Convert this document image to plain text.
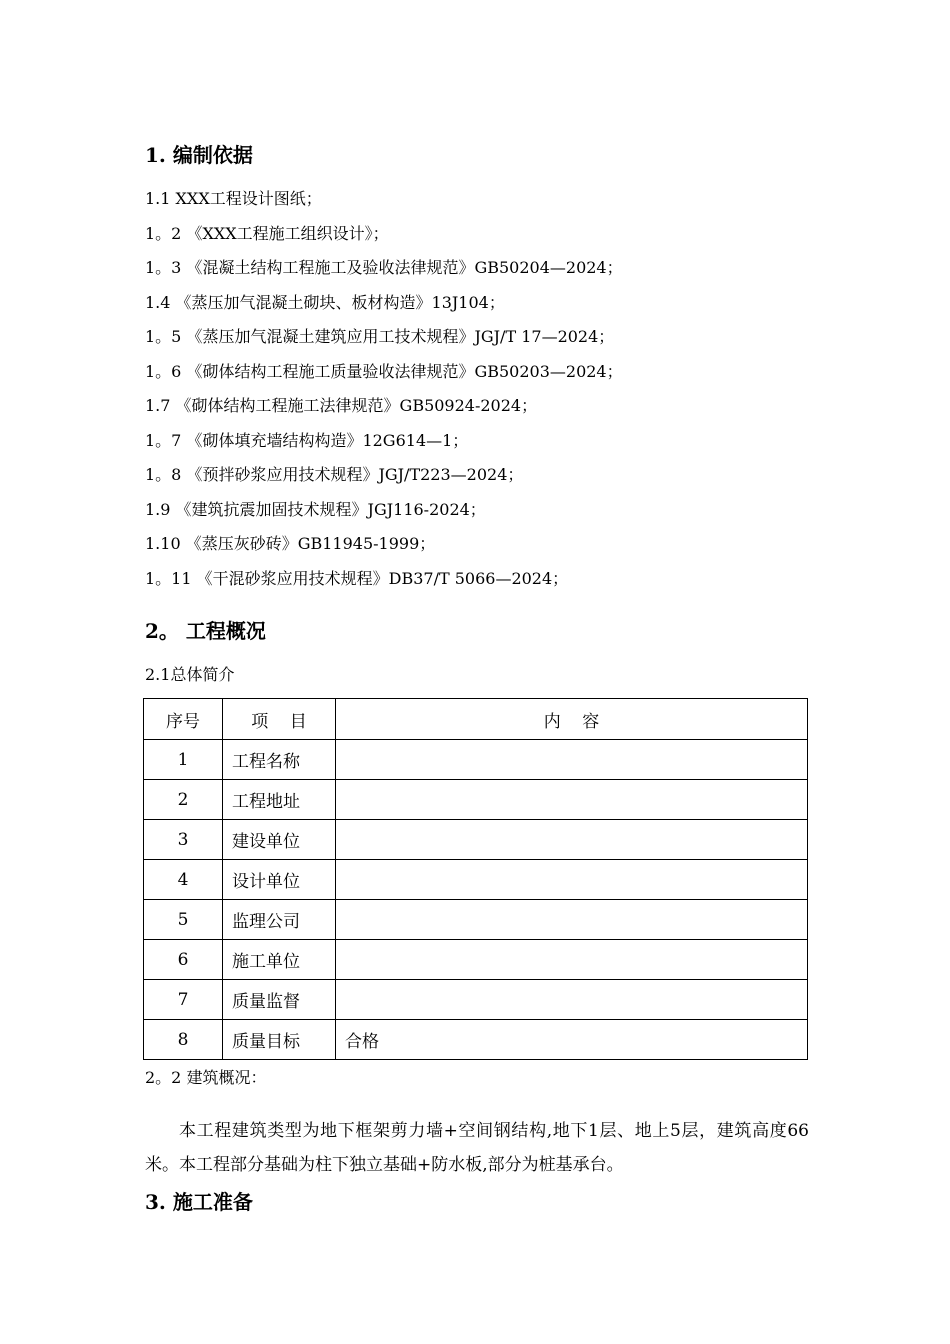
1. 编制依据
1.1 XXX工程设计图纸；
1。2 《XXX工程施工组织设计》；
1。3 《混凝土结构工程施工及验收法律规范》GB50204—2024；
1.4 《蒸压加气混凝土砌块、板材构造》13J104；
1。5 《蒸压加气混凝土建筑应用工技术规程》JGJ/T 17—2024；
1。6 《砌体结构工程施工质量验收法律规范》GB50203—2024；
1.7 《砌体结构工程施工法律规范》GB50924-2024；
1。7 《砌体填充墙结构构造》12G614—1；
1。8 《预拌砂浆应用技术规程》JGJ/T223—2024；
1.9 《建筑抗震加固技术规程》JGJ116-2024；
1.10 《蒸压灰砂砖》GB11945-1999；
1。11 《干混砂浆应用技术规程》DB37/T 5066—2024；
2。 工程概况
2.1总体简介
序号	项    目	内    容
1	工程名称	
2	工程地址	
3	建设单位	
4	设计单位	
5	监理公司	
6	施工单位	
7	质量监督	
8	质量目标	合格
2。2 建筑概况：

本工程建筑类型为地下框架剪力墙+空间钢结构,地下1层、地上5层，建筑高度66米。本工程部分基础为柱下独立基础+防水板,部分为桩基承台。

3. 施工准备
